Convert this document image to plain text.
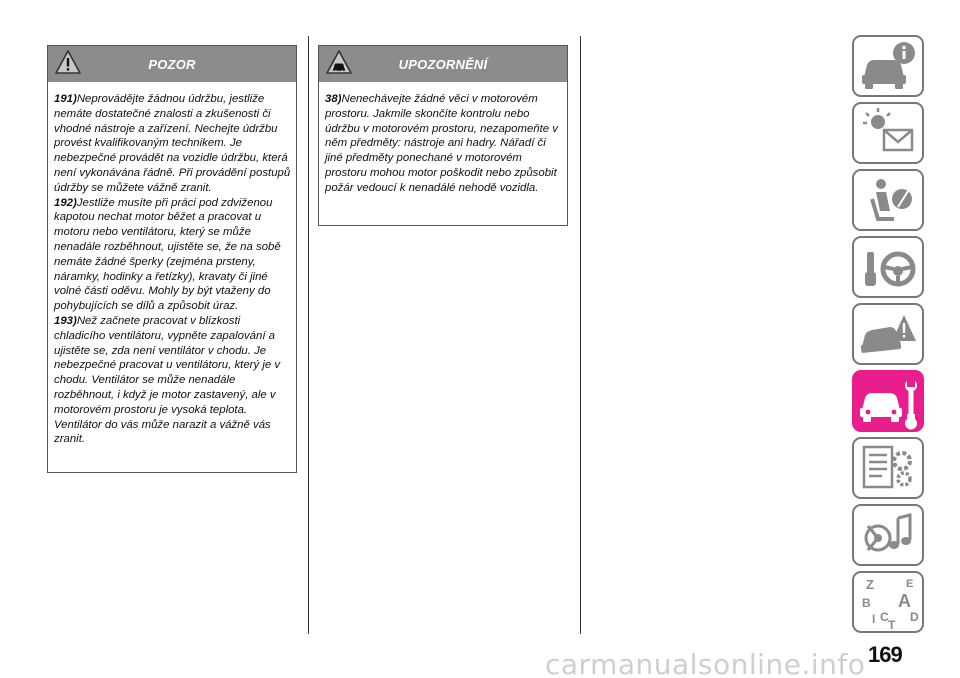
POZOR

191)Neprovádějte žádnou údržbu, jestliže nemáte dostatečné znalosti a zkušenosti či vhodné nástroje a zařízení. Nechejte údržbu provést kvalifikovaným technikem. Je nebezpečné provádět na vozidle údržbu, která není vykonávána řádně. Při provádění postupů údržby se můžete vážně zranit.

192)Jestliže musíte při práci pod zdviženou kapotou nechat motor běžet a pracovat u motoru nebo ventilátoru, který se může nenadále rozběhnout, ujistěte se, že na sobě nemáte žádné šperky (zejména prsteny, náramky, hodinky a řetízky), kravaty či jiné volné části oděvu. Mohly by být vtaženy do pohybujících se dílů a způsobit úraz.

193)Než začnete pracovat v blízkosti chladicího ventilátoru, vypněte zapalování a ujistěte se, zda není ventilátor v chodu. Je nebezpečné pracovat u ventilátoru, který je v chodu. Ventilátor se může nenadále rozběhnout, i když je motor zastavený, ale v motorovém prostoru je vysoká teplota. Ventilátor do vás může narazit a vážně vás zranit.

UPOZORNĚNÍ

38)Nenechávejte žádné věci v motorovém prostoru. Jakmile skončíte kontrolu nebo údržbu v motorovém prostoru, nezapomeňte v něm předměty: nástroje ani hadry. Nářadí či jiné předměty ponechané v motorovém prostoru mohou motor poškodit nebo způsobit požár vedoucí k nenadálé nehodě vozidla.

Z	E
B A
I C
T
D
carmanualsonline.info 169
